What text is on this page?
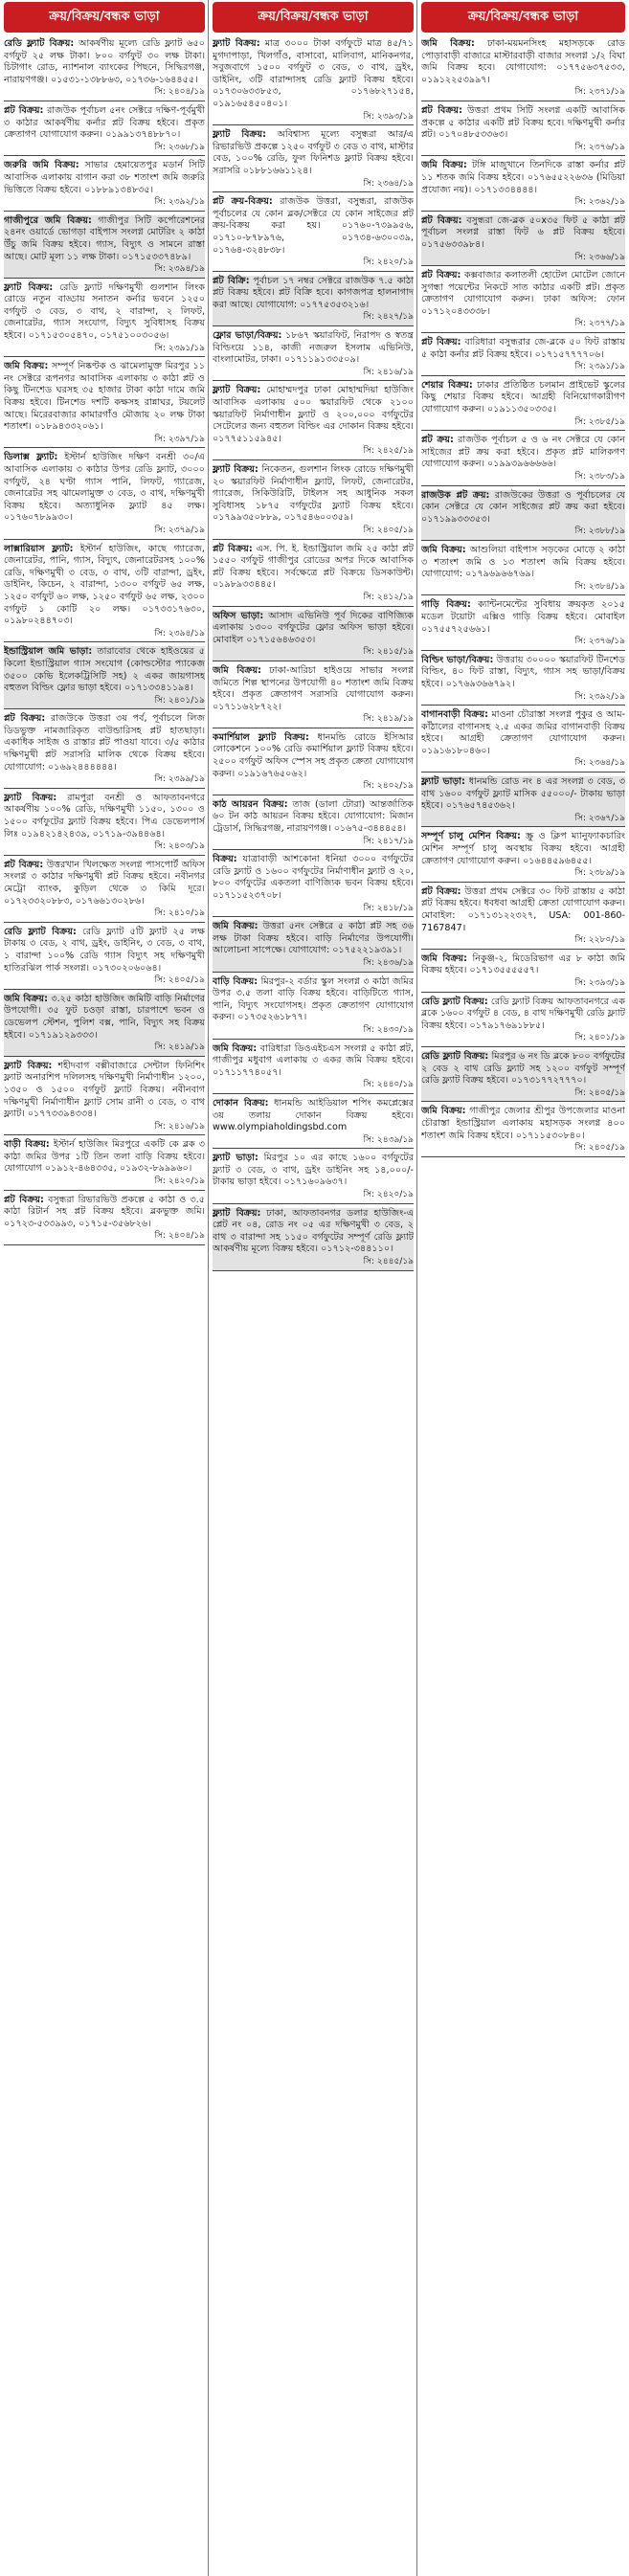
ক্রয়/বিক্রয়/বন্ধক ভাড়া
রেডি ফ্ল্যাট বিক্রয়: আকর্ষণীয় মূল্যে রেডি ফ্ল্যাট ৬৫০ বর্গফুট ২৫ লক্ষ টাকা। ৮০০ বর্গফুট ৩০ লক্ষ টাকা। চিটাগাং রোড, ন্যাশনাল ব্যাংকের পিছনে, সিদ্ধিরগঞ্জ, নারায়ণগঞ্জ। ০১৫৩১-১৩৮৮৬৩, ০১৭৩৬-১৬৪৪৫৫।
সি: ২৪০৪/১৯
প্লট বিক্রয়: রাজউক পূর্বাচল ৫নং সেক্টরে দক্ষিণ-পূর্বমুখী ৩ কাঠার আকর্ষণীয় কর্নার প্লট বিক্রয় হইবে। প্রকৃত ক্রেতাগণ যোগাযোগ করুন। ০১৯৯১৩৭৪৮৮৭০।
সি: ২৩৬৮/১৯
জরুরি জমি বিক্রয়: সাভার হেমায়েতপুর মডার্ন সিটি আবাসিক এলাকায় বাগান করা ৩৮ শতাংশ জমি জরুরি ভিত্তিতে বিক্রয় হইবে। ০১৮৮৯১৩৪৮৩৫।
সি: ২৩৯২/১৯
গাজীপুরে জমি বিক্রয়: গাজীপুর সিটি কর্পোরেশনের ২৪নং ওয়ার্ডে ভোগড়া বাইপাস সংলগ্ন মোটরিং ২ কাঠা উঁচু জমি বিক্রয় হইবে। গ্যাস, বিদ্যুৎ ও সামনে রাস্তা আছে। মোট মূল্য ১১ লক্ষ টাকা। ০১৭১৫৩৩৭৪৮৯।
সি: ২৩৯৪/১৯
ফ্ল্যাট বিক্রয়: রেডি ফ্ল্যাট দক্ষিণমুখী গুলশান লিংক রোডে নতুন বাড্ডায় সনাতন কর্নার ভবনে ১২৫০ বর্গফুট ৩ বেড, ৩ বাথ, ২ বারান্দা, ২ লিফট, জেনারেটর, গ্যাস সংযোগ, বিদ্যুৎ সুবিধাসহ বিক্রয় হইবে। ০১৭১৫৩০৫৪৭০, ০১৭৫১০০৩০৫৬।
সি: ২৩৯১/১৯
জমি বিক্রয়: সম্পূর্ণ নিষ্কণ্টক ও ঝামেলামুক্ত মিরপুর ১১ নং সেক্টরে রূপনগর আবাসিক এলাকায় ৩ কাঠা প্লট ও কিছু টিনশেড ঘরসহ ৩৫ হাজার টাকা কাঠা দামে জমি বিক্রয় হইবে। টিনশেড দশটি কক্ষসহ রান্নাঘর, টয়লেট আছে। মিরেরবাজার কামারগাঁও মৌজায় ২০ লক্ষ টাকা শতাংশ। ০১৮৯৪৩৩২০৬১।
সি: ২৩৯৭/১৯
ডিলাক্স ফ্ল্যাট: ইস্টার্ন হাউজিং দক্ষিণ বনশ্রী ৩০/এ আবাসিক এলাকায় ৩ কাঠার উপর রেডি ফ্ল্যাট, ৩০০০ বর্গফুট, ২৪ ঘণ্টা গ্যাস পানি, লিফট, গ্যারেজ, জেনারেটর সহ ঝামেলামুক্ত ৩ বেড, ৩ বাথ, দক্ষিণমুখী বিক্রয় হইবে। অত্যাধুনিক ফ্ল্যাট ৪৫ লক্ষ। ০১৭৬০৭৮৯৯৩০।
সি: ২৩৭৯/১৯
লাক্সারিয়াস ফ্ল্যাট: ইস্টার্ন হাউজিং, কাছে গ্যারেজ, জেনারেটর, পানি, গ্যাস, বিদ্যুৎ, জেনারেটরসহ ১০০% রেডি, দক্ষিণমুখী ৩ বেড, ৩ বাথ, ৩টি বারান্দা, ড্রইং, ডাইনিং, কিচেন, ২ বারান্দা, ১৩০০ বর্গফুট ৬৫ লক্ষ, ১২৫০ বর্গফুট ৬০ লক্ষ, ১২৫০ বর্গফুট ৬৫ লক্ষ, ২৩০০ বর্গফুট ১ কোটি ২০ লক্ষ। ০১৭৩৩১৭৬৩০, ০১৯৮০২৪৪৭০৩।
সি: ২৩৯৪/১৯
ইন্ডাস্ট্রিয়াল জমি ভাড়া: তারাবোর থেকে হাইওয়ের ৫ কিলো ইন্ডাস্ট্রিয়াল গ্যাস সংযোগ (কোল্ডস্টোর প্যাকেজ ৩৫০০ কেভি ইলেকট্রিসিটি সহ) ২ একর জায়গাসহ বহুতল বিল্ডিং ফ্লোর ভাড়া হইবে। ০১৭১৩৩৪১১৯৪।
সি: ২৪০১/১৯
প্লট বিক্রয়: রাজউকে উত্তরা ৩য় পর্ব, পূর্বাচলে লিজ ডিডভুক্ত নামজারিকৃত বাউন্ডারিসহ প্লট হাতছাড়া। একাধিক সাইজ ও রাস্তার প্লট পাওয়া যাবে। ৩/৫ কাঠার দক্ষিণমুখী প্লট সরাসরি মালিক থেকে বিক্রয় হইবে। যোগাযোগ: ০১৬৯২৪৪৪৪৪৪।
সি: ২৩৯৯/১৯
ফ্ল্যাট বিক্রয়: রামপুরা বনশ্রী ও আফতাবনগরে আকর্ষণীয় ১০০% রেডি, দক্ষিণমুখী ১১৫০, ১৩০০ ও ১৫০০ বর্গফুটের ফ্ল্যাট বিক্রয় হইবে। পিএ ডেভেলপার্স লিঃ ০১৯৪২১৪২৪৩৯, ০১৭১৯-৩৯৪৪৬৪।
সি: ২৪০৩/১৯
প্লট বিক্রয়: উত্তরখান খিলক্ষেত সংলগ্ন পাসপোর্ট অফিস সংলগ্ন ৩ কাঠার দক্ষিণমুখী প্লট বিক্রয় হইবে। নবীনগর মেট্রো ব্যাংক, কুড়িল থেকে ৩ কিমি দূরে। ০১৭২৩৩২০৮৮৩, ০১৭৬৬১৩০২৮৬।
সি: ২৪১০/১৯
রেডি ফ্ল্যাট বিক্রয়: রেডি ফ্ল্যাট ৫টি ফ্ল্যাট ২৫ লক্ষ টাকায় ৩ বেড, ২ বাথ, ড্রইং, ডাইনিং, ৩ বেড, ৩ বাথ, ১ বারান্দা ১০০% রেডি গ্যাস বিদ্যুৎ সহ দক্ষিণমুখী হাতিরঝিল পার্ক সংলগ্ন। ০১৭৩০২০৬০৬৪।
সি: ২৪০৫/১৯
জমি বিক্রয়: ৩.২৫ কাঠা হাউজিং জমিটি বাড়ি নির্মাণের উপযোগী। ৩৫ ফুট চওড়া রাস্তা, চারপাশে ভবন ও ডেভেলপ স্টেশন, পুলিশ বক্স, পানি, বিদ্যুৎ সহ বিক্রয় হইবে। ০১৭১৯১২৯৩৩৩।
সি: ২৪১৯/১৯
ফ্ল্যাট বিক্রয়: শহীদবাগ বক্সীবাজারে সেন্টাল ফিনিশিং ফ্ল্যাট অনারশিপ দলিলসহ দক্ষিণমুখী নির্মাণাধীন ১২০০, ১৩৫০ ও ১৫০০ বর্গফুট ফ্ল্যাট বিক্রয়। নবীনবাগ দক্ষিণমুখী নির্মাণাধীন ফ্ল্যাট সোম রানী ৩ বেড, ৩ বাথ ফ্ল্যাট। ০১৭৭৩৩৯৪৩৩৪।
সি: ২৪১৬/১৯
বাড়ী বিক্রয়: ইস্টার্ন হাউজিং মিরপুরে একটি কে ব্লক ৩ কাঠা জমির উপর ১টি তিন তলা বাড়ি বিক্রয় হইবে। যোগাযোগ ০১৯১২-৪৬৪৩৩৫, ০১৯৩২-৮৯৯৯৬০।
সি: ২৪২০/১৯
প্লট বিক্রয়: বসুন্ধরা রিভারভিউ প্রকল্পে ৫ কাঠা ও ৩.৫ কাঠা রিটার্ন সহ প্লট বিক্রয় হইবে। ব্লকভুক্ত জমি। ০১৭২৩-৫৩৩৯৯৩, ০১৭১৫-৩৫৬৮২৬।
সি: ২৪০৪/১৯
ক্রয়/বিক্রয়/বন্ধক ভাড়া
ফ্ল্যাট বিক্রয়: মাত্র ৩০০০ টাকা বর্গফুটে মাত্র ৪৫/৭১ মুগদাপাড়া, খিলগাঁও, বাসাবো, মালিবাগ, মানিকনগর, সবুজবাগে ১৫০০ বর্গফুট ৩ বেড, ৩ বাথ, ড্রইং, ডাইনিং, ৩টি বারান্দাসহ রেডি ফ্ল্যাট বিক্রয় হইবে। ০১৭৩০৬৩৩৮৫৩, ০১৭৬৮২৭১৫৪, ০১৯১৬৫৪৫০৪০১।
সি: ২৩৯৩/১৯
ফ্ল্যাট বিক্রয়: অবিশ্বাস্য মূল্যে বসুন্ধরা আর/এ রিভারভিউ প্রকল্পে ১২৫০ বর্গফুট ৩ বেড ৩ বাথ, মাস্টার বেড, ১০০% রেডি, ফুল ফিনিশড ফ্ল্যাট বিক্রয় হইবে। সরাসরি ০১৮৮১৬৬১১২৪।
সি: ২৩৬৪/১৯
প্লট ক্রয়-বিক্রয়: রাজউক উত্তরা, বসুন্ধরা, রাজউক পূর্বাচলের যে কোন ব্লক/সেক্টরে যে কোন সাইজের প্লট ক্রয়-বিক্রয় করা হয়। ০১৭৬০-৭৩৯৯৫৬, ০১৭১০-৮৭৮৯৭৬, ০১৭৩৪-৬৩০০৩৯, ০১৭৬৪-৩২৪৮৩৮।
সি: ২৪২০/১৯
প্লট বিক্রি: পূর্বাচল ১৭ নম্বর সেক্টরে রাজউক ৭.৫ কাঠা প্লট বিক্রয় হইবে। প্লট বিক্রি হবে। কাগজপত্র হালনাগাদ করা আছে। যোগাযোগ: ০১৭৭৫৩৫৩২১৬।
সি: ২৪২৭/১৯
ফ্লোর ভাড়া/বিক্রয়: ১৮৬৭ স্কয়ারফিট, নিরাপদ ও স্বতন্ত্র বিল্ডিংয়ে ১১৪, কাজী নজরুল ইসলাম এভিনিউ, বাংলামোটর, ঢাকা। ০১৭১১৯১৩৩৫০৯।
সি: ২৪১৬/১৯
ফ্ল্যাট বিক্রয়: মোহাম্মদপুর ঢাকা মোহাম্মদিয়া হাউজিং আবাসিক এলাকায় ৫০০ স্কয়ারফিট থেকে ২১০০ স্কয়ারফিট নির্মাণাধীন ফ্ল্যাট ও ২০০,০০০ বর্গফুটের সেটেলের জন্য বহুতল বিল্ডিং এর দোকান বিক্রয় হইবে। ০১৭৭৫১১৫৯৪৫।
সি: ২৪২৫/১৯
ফ্ল্যাট বিক্রয়: নিকেতন, গুলশান লিংক রোডে দক্ষিণমুখী ২০ স্কয়ারফিট নির্মাণাধীন ফ্ল্যাট, লিফট, জেনারেটর, গ্যারেজ, সিকিউরিটি, টাইলস সহ আধুনিক সকল সুবিধাসহ ১৮৭৫ বর্গফুটের ফ্ল্যাট বিক্রয় হইবে। ০১৭৯৯৩৫০৮৮৯, ০১৭৫৪৬০০৩৫৯।
সি: ২৪০৫/১৯
প্লট বিক্রয়: এস. পি. ই. ইন্ডাস্ট্রিয়াল জমি ২৫ কাঠা প্লট ১৫৫০ বর্গফুট গাজীপুর রোডের অপর দিকে আবাসিক প্লট বিক্রয় হইবে। সর্বক্ষেত্রে প্লট বিক্রয়ে ডিসকাউন্ট। ০১৯৮৯৩৩৪৪৫।
সি: ২৪১২/১৯
অফিস ভাড়া: আসাদ এভিনিউ পূর্ব দিকের বাণিজ্যিক এলাকায় ১৩০০ বর্গফুটের ফ্লোর অফিস ভাড়া হইবে। মোবাইল ০১৭১৫৬৪৬৩৫৩।
সি: ২৪১৫/১৯
জমি বিক্রয়: ঢাকা-আরিচা হাইওয়ে সাভার সংলগ্ন জমিতে শিল্প স্থাপনের উপযোগী ৪০ শতাংশ জমি বিক্রয় হইবে। প্রকৃত ক্রেতাগণ সরাসরি যোগাযোগ করুন। ০১৭১১৬২৮৭২২।
সি: ২৪১৯/১৯
কমার্শিয়াল ফ্ল্যাট বিক্রয়: ধানমন্ডি রোডে ইসিআর লোকেশনে ১০০% রেডি কমার্শিয়াল ফ্ল্যাট বিক্রয় হইবে। ২৫০০ বর্গফুট অফিস স্পেস সহ প্রকৃত ক্রেতা যোগাযোগ করুন। ০১৯১৬৭৬৫০৬২।
সি: ২৪০২/১৯
কাঠ আয়রন বিক্রয়: তাজ (ডালা টোরা) আন্তর্জাতিক ৬০ টন কাঠ আয়রন বিক্রয় হইবে। যোগাযোগ: মিজান ট্রেডার্স, সিদ্ধিরগঞ্জ, নারায়ণগঞ্জ। ০১৬৭৫-৩৪৪৪৫৪।
সি: ২৪১৭/১৯
বিক্রয়: যাত্রাবাড়ী আশকোনা ধনিয়া ৩০০০ বর্গফুটের রেডি ফ্ল্যাট ও ১৬০০ বর্গফুটের নির্মাণাধীন ফ্ল্যাট ও ২০, ৮০০ বর্গফুটের একতলা বাণিজ্যিক ভবন বিক্রয় হইবে। ০১৭১১৫২৩৭০৮।
সি: ২৪১৮/১৯
জমি বিক্রয়: উত্তরা ৫নং সেক্টরে ৫ কাঠা প্লট সহ ৩৬ লক্ষ টাকা বিক্রয় হইবে। বাড়ি নির্মাণের উপযোগী। আলোচনা সাপেক্ষে। যোগাযোগ: ০১৭৫২২১৯৩৯১।
সি: ২৪৩৬/১৯
বাড়ি বিক্রয়: মিরপুর-২ বর্ডার স্কুল সংলগ্ন ৩ কাঠা জমির উপর ৩.৫ তলা বাড়ি বিক্রয় হইবে। বাড়িটিতে গ্যাস, পানি, বিদ্যুৎ সংযোগসহ। প্রকৃত ক্রেতাগণ যোগাযোগ করুন। ০১৭৩৫২৬১৮৭৭।
সি: ২৪৩০/১৯
জমি বিক্রয়: বারিধারা ডিওএইচএস সংলগ্ন ৫ কাঠা প্লট, গাজীপুর মধুবাগ এলাকায় ৩ একর জমি বিক্রয় হইবে। ০১৭১১৭৭৪০৫৭।
সি: ২৪৪০/১৯
দোকান বিক্রয়: ধানমন্ডি আইডিয়াল শপিং কমপ্লেক্সের ৩য় তলায় দোকান বিক্রয় হইবে। www.olympiaholdingsbd.com
সি: ২৪৩৯/১৯
ফ্ল্যাট ভাড়া: মিরপুর ১০ এর কাছে ১৬০০ বর্গফুটের ফ্ল্যাট ৩ বেড, ৩ বাথ, ড্রইং ডাইনিং সহ ১৪,০০০/- টাকায় ভাড়া হইবে। ০১৭১৬০৯৬৩৭।
সি: ২৪২০/১৯
ফ্ল্যাট বিক্রয়: ঢাকা, আফতাবনগর ডলার হাউজিং-এ প্লেট নং ০৪, রোড নং ০৫ এর দক্ষিণমুখী ৩ বেড, ২ বাথ ৩ বারান্দা সহ ১১৫০ বর্গফুটের সম্পূর্ণ রেডি ফ্ল্যাট আকর্ষণীয় মূল্যে বিক্রয় হইবে। ০১৭১২-৩৪৪১১০।
সি: ২৪৪৫/১৯
ক্রয়/বিক্রয়/বন্ধক ভাড়া
জমি বিক্রয়: ঢাকা-ময়মনসিংহ মহাসড়কে রোড পোড়াবাড়ী বাজারে মাস্টারবাড়ী বাজার সংলগ্ন ১/২ বিঘা জমি বিক্রয় হবে। যোগাযোগ: ০১৭৭৫৬৩৭৫৩৩, ০১৯১২২৫৩৯৯৭।
সি: ২৩৭১/১৯
প্লট বিক্রয়: উত্তরা প্রথম সিটি সংলগ্ন একটি আবাসিক প্রকল্পে ৫ কাঠার একটি প্লট বিক্রয় হবে। দক্ষিণমুখী কর্নার প্লট। ০১৭০৪৮৫৩৩৬৩।
সি: ২৩৭৬/১৯
জমি বিক্রয়: টঙ্গি মাজুখানে তিনদিকে রাস্তা কর্নার প্লট ১১ শতক জমি বিক্রয় হইবে। ০১৭৬৫৫২২৬৩৬ (মিডিয়া প্রযোজ্য নয়)। ০১৭১৩৩৪৪৪৪।
সি: ২৩৬২/১৯
প্লট বিক্রয়: বসুন্ধরা জে-ব্লক ৫০x৩৫ ফিট ৫ কাঠা প্লট পূর্বাচল সংলগ্ন রাস্তা ফিট ৬ প্লট বিক্রয় হইবে। ০১৭৫৬৩৩৯৮৪।
সি: ২৩৬৬/১৯
প্লট বিক্রয়: কক্সবাজার কলাতলী হোটেল মোটেল জোনে সুগন্ধা পয়েন্টের নিকটে সাত কাঠার একটি প্লট। প্রকৃত ক্রেতাগণ যোগাযোগ করুন। ঢাকা অফিস: ফোন ০১৭১২০৪৩৩৩৮।
সি: ২৩৭৭/১৯
প্লট বিক্রয়: বারিধারা বসুন্ধরার জে-ব্লকে ৫০ ফিট রাস্তায় ৫ কাঠা কর্নার প্লট বিক্রয় হইবে। ০১৭১৫৭৭৭৭০৬।
সি: ২৩৯১/১৯
শেয়ার বিক্রয়: ঢাকার প্রতিষ্ঠিত চলমান প্রাইভেট স্কুলের কিছু শেয়ার বিক্রয় হইবে। আগ্রহী বিনিয়োগকারীগণ যোগাযোগ করুন। ০১৯১১৩৫০৩৩৫।
সি: ২৩৮৫/১৯
প্লট ক্রয়: রাজউক পূর্বাচল ৫ ও ৬ নং সেক্টরে যে কোন সাইজের প্লট ক্রয় করা হইবে। প্রকৃত প্লট মালিকগণ যোগাযোগ করুন। ০১৯৯৩৯৬৬৬৬৬।
সি: ২৩৮৩/১৯
রাজউক প্লট ক্রয়: রাজউকের উত্তরা ও পূর্বাচলের যে কোন সেক্টরে যে কোন সাইজের প্লট ক্রয় করা হইবে। ০১৭১৯৯৩৩৩৫৩।
সি: ২৩৮৮/১৯
জমি বিক্রয়: আশুলিয়া বাইপাস সড়কের মোড়ে ২ কাঠা ৩ শতাংশ জমি ও ১৩ শতাংশ জমি বিক্রয় হইবে। যোগাযোগ: ০১৭৯৬৯৬৬৭৬৯।
সি: ২৩৮৪/১৯
গাড়ি বিক্রয়: ক্যান্টনমেন্টের সুবিধায় ক্রয়কৃত ২০১৫ মডেল টয়োটা এক্সিও গাড়ি বিক্রয় হইবে। মোবাইল ০১৭৫৫৭২৫৬৬১।
সি: ২৩৭৬/১৯
বিল্ডিং ভাড়া/বিক্রয়: উত্তরায় ৩০০০০ স্কয়ারফিট টিনশেড বিল্ডিং, ৪০ ফিট রাস্তা, বিদ্যুৎ, গ্যাস সহ ভাড়া/বিক্রয় হইবে। ০১৭৬৯৩৬৬৭৯২।
সি: ২৩৯২/১৯
বাগানবাড়ী বিক্রয়: মাওনা চৌরাস্তা সংলগ্ন পুকুর ও আম-কাঁঠালের বাগানসহ ২.৫ একর জমির বাগানবাড়ী বিক্রয় হইবে। আগ্রহী ক্রেতাগণ যোগাযোগ করুন। ০১৯১৬১৮০৪৬০।
সি: ২৩৬৪/১৯
ফ্ল্যাট ভাড়া: ধানমন্ডি রোড নং ৪ এর সংলগ্ন ৩ বেড, ৩ বাথ ১৬০০ বর্গফুট ফ্ল্যাট মাসিক ৫৫০০০/- টাকায় ভাড়া হইবে। ০১৭৬৫৭৪৫৩৬২।
সি: ২৩৬৭/১৯
সম্পূর্ণ চালু মেশিন বিক্রয়: স্ক্রু ও ক্লিপ ম্যানুফ্যাকচারিং মেশিন সম্পূর্ণ চালু অবস্থায় বিক্রয় হইবে। আগ্রহী ক্রেতাগণ যোগাযোগ করুন। ০১৬৪৪৫৯৬৪৫৫।
সি: ২৩৮৯/১৯
প্লট বিক্রয়: উত্তরা প্রথম সেক্টরে ৩০ ফিট রাস্তায় ৫ কাঠা প্লট বিক্রয় হইবে। ধবধবা আগ্রহী ক্রেতা যোগাযোগ করুন। মোবাইল: ০১৭১৩১২২৩২৭, USA: 001-860-7167847।
সি: ২২৮০/১৯
জমি বিক্রয়: নিকুঞ্জ-২, মিডেরিভাগ এর ৮ কাঠা জমি বিক্রয় হইবে। ০১৭১৩৫৫৫৫৫৭।
সি: ২৩৯৩/১৯
রেডি ফ্ল্যাট বিক্রয়: রেডি ফ্ল্যাট বিক্রয় আফতাবনগরে এক ব্লকে ১৬০০ বর্গফুট ৪ বেড, ৪ বাথ দক্ষিণমুখী রেডি ফ্ল্যাট বিক্রয় হইবে। ০১৭৯১৭৬৯১৮৮৫।
সি: ২৪০১/১৯
রেডি ফ্ল্যাট বিক্রয়: মিরপুর ৬ নং ডি ব্লকে ৮০০ বর্গফুটের ২ বেড ২ বাথ রেডি ফ্ল্যাট সহ ১২০০ বর্গফুট সম্পূর্ণ রেডি ফ্ল্যাট বিক্রয় হইবে। ০১৭৩১৭৭২৭৭৭০।
সি: ২৪০৫/১৯
জমি বিক্রয়: গাজীপুর জেলার শ্রীপুর উপজেলার মাওনা চৌরাস্তা ইন্ডাস্ট্রিয়াল এলাকায় মহাসড়ক সংলগ্ন ৪০০ শতাংশ জমি বিক্রয় হইবে। ০১৭১১৫৩০৮৪০।
সি: ২৪০৫/১৯
